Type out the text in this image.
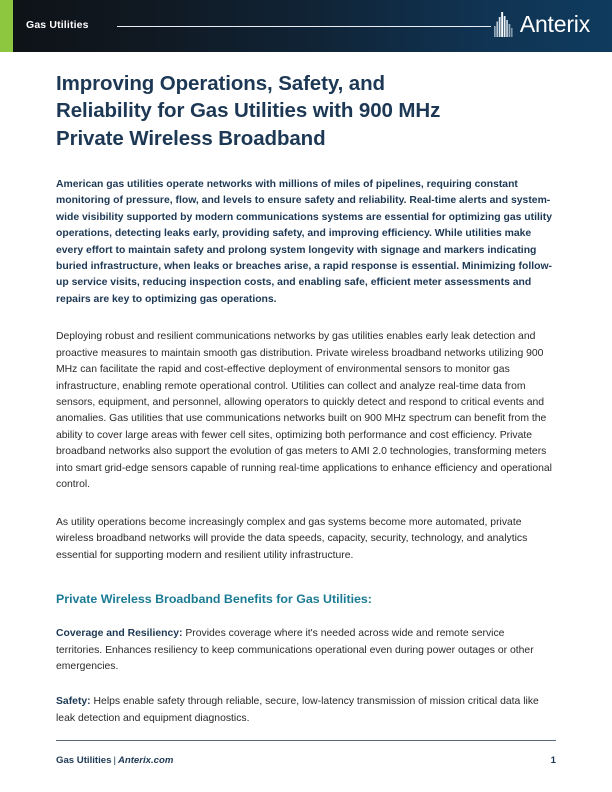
Gas Utilities	Anterix
Improving Operations, Safety, and Reliability for Gas Utilities with 900 MHz Private Wireless Broadband

American gas utilities operate networks with millions of miles of pipelines, requiring constant monitoring of pressure, flow, and levels to ensure safety and reliability. Real-time alerts and system-wide visibility supported by modern communications systems are essential for optimizing gas utility operations, detecting leaks early, providing safety, and improving efficiency. While utilities make every effort to maintain safety and prolong system longevity with signage and markers indicating buried infrastructure, when leaks or breaches arise, a rapid response is essential. Minimizing follow-up service visits, reducing inspection costs, and enabling safe, efficient meter assessments and repairs are key to optimizing gas operations.

Deploying robust and resilient communications networks by gas utilities enables early leak detection and proactive measures to maintain smooth gas distribution. Private wireless broadband networks utilizing 900 MHz can facilitate the rapid and cost-effective deployment of environmental sensors to monitor gas infrastructure, enabling remote operational control. Utilities can collect and analyze real-time data from sensors, equipment, and personnel, allowing operators to quickly detect and respond to critical events and anomalies. Gas utilities that use communications networks built on 900 MHz spectrum can benefit from the ability to cover large areas with fewer cell sites, optimizing both performance and cost efficiency. Private broadband networks also support the evolution of gas meters to AMI 2.0 technologies, transforming meters into smart grid-edge sensors capable of running real-time applications to enhance efficiency and operational control.

As utility operations become increasingly complex and gas systems become more automated, private wireless broadband networks will provide the data speeds, capacity, security, technology, and analytics essential for supporting modern and resilient utility infrastructure.

Private Wireless Broadband Benefits for Gas Utilities:

Coverage and Resiliency: Provides coverage where it's needed across wide and remote service territories. Enhances resiliency to keep communications operational even during power outages or other emergencies.

Safety: Helps enable safety through reliable, secure, low-latency transmission of mission critical data like leak detection and equipment diagnostics.

Gas Utilities | Anterix.com	1
